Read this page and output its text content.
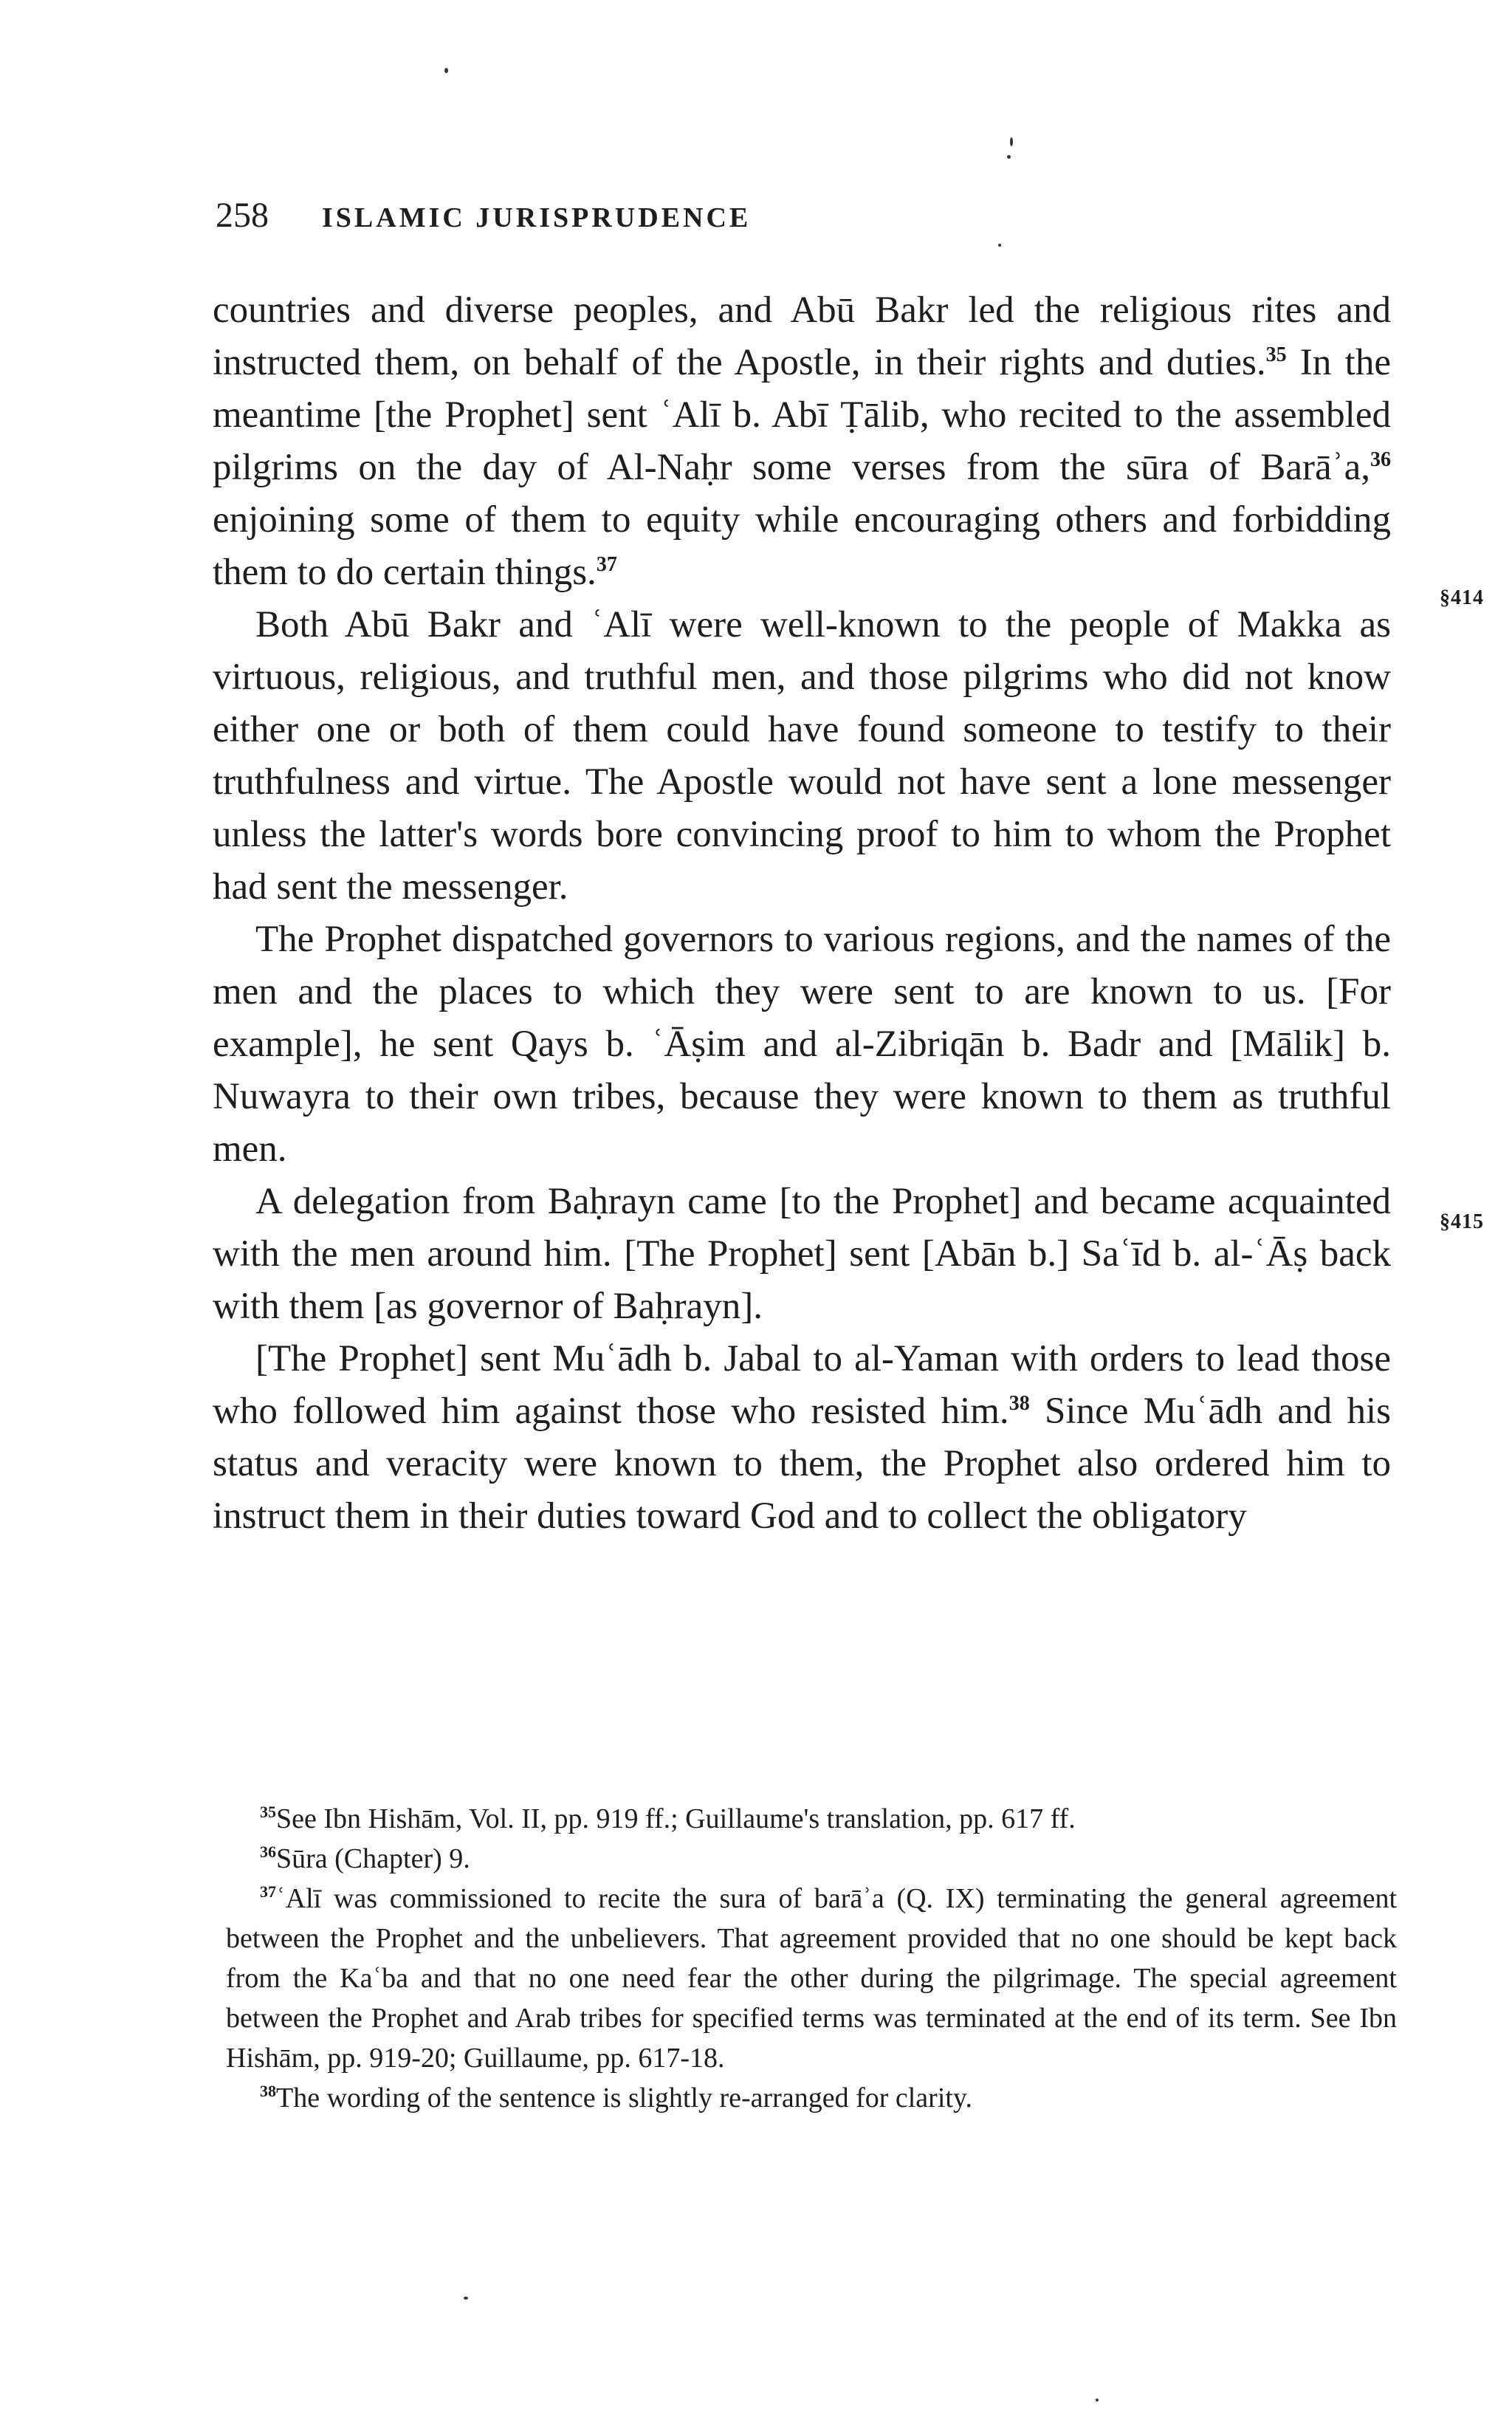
258 ISLAMIC JURISPRUDENCE

countries and diverse peoples, and Abū Bakr led the religious rites and instructed them, on behalf of the Apostle, in their rights and duties.$^{35}$ In the meantime [the Prophet] sent ʿAlī b. Abī Ṭālib, who recited to the assembled pilgrims on the day of Al-Naḥr some verses from the sūra of Barāʾa,$^{36}$ enjoining some of them to equity while encouraging others and forbidding them to do certain things.$^{37}$

Both Abū Bakr and ʿAlī were well-known to the people of Makka as virtuous, religious, and truthful men, and those pilgrims who did not know either one or both of them could have found someone to testify to their truthfulness and virtue. The Apostle would not have sent a lone messenger unless the latter's words bore convincing proof to him to whom the Prophet had sent the messenger.

The Prophet dispatched governors to various regions, and the names of the men and the places to which they were sent to are known to us. [For example], he sent Qays b. ʿĀṣim and al-Zibriqān b. Badr and [Mālik] b. Nuwayra to their own tribes, because they were known to them as truthful men.

A delegation from Baḥrayn came [to the Prophet] and became acquainted with the men around him. [The Prophet] sent [Abān b.] Saʿīd b. al-ʿĀṣ back with them [as governor of Baḥrayn].

[The Prophet] sent Muʿādh b. Jabal to al-Yaman with orders to lead those who followed him against those who resisted him.$^{38}$ Since Muʿādh and his status and veracity were known to them, the Prophet also ordered him to instruct them in their duties toward God and to collect the obligatory

§414
§415

$^{35}$See Ibn Hishām, Vol. II, pp. 919 ff.; Guillaume's translation, pp. 617 ff.

$^{36}$Sūra (Chapter) 9.

$^{37}$ʿAlī was commissioned to recite the sura of barāʾa (Q. IX) terminating the general agreement between the Prophet and the unbelievers. That agreement provided that no one should be kept back from the Kaʿba and that no one need fear the other during the pilgrimage. The special agreement between the Prophet and Arab tribes for specified terms was terminated at the end of its term. See Ibn Hishām, pp. 919-20; Guillaume, pp. 617-18.

$^{38}$The wording of the sentence is slightly re-arranged for clarity.
